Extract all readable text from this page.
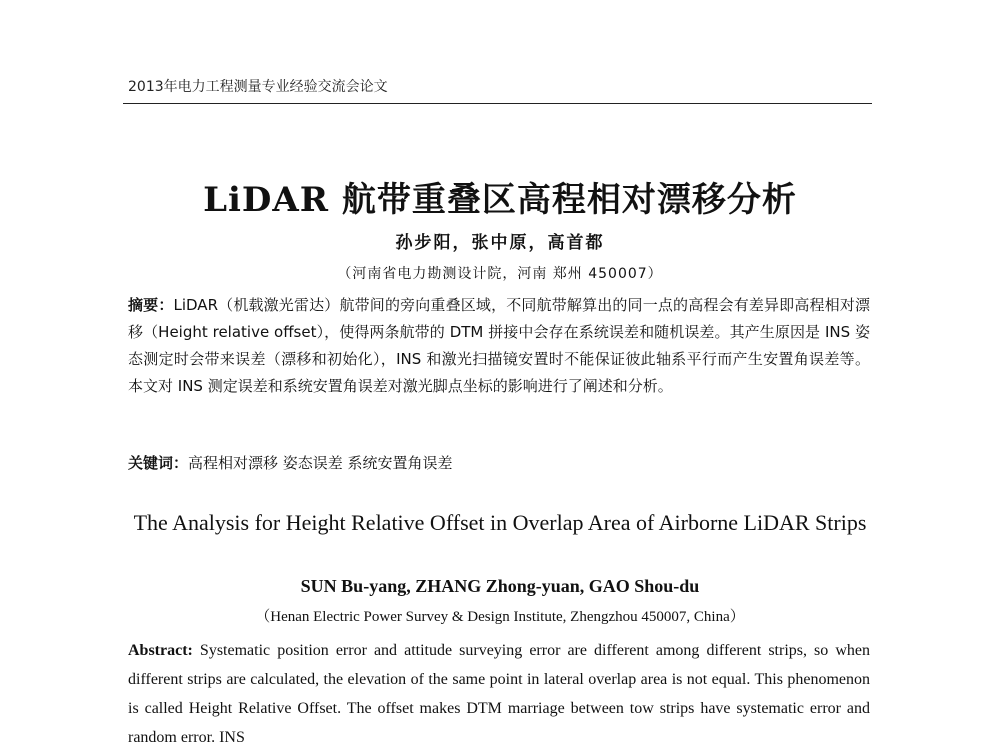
2013年电力工程测量专业经验交流会论文
LiDAR 航带重叠区高程相对漂移分析
孙步阳，张中原，高首都
（河南省电力勘测设计院，河南 郑州 450007）
摘要：LiDAR（机载激光雷达）航带间的旁向重叠区域，不同航带解算出的同一点的高程会有差异即高程相对漂移（Height relative offset），使得两条航带的 DTM 拼接中会存在系统误差和随机误差。其产生原因是 INS 姿态测定时会带来误差（漂移和初始化），INS 和激光扫描镜安置时不能保证彼此轴系平行而产生安置角误差等。本文对 INS 测定误差和系统安置角误差对激光脚点坐标的影响进行了阐述和分析。
关键词：高程相对漂移 姿态误差 系统安置角误差
The Analysis for Height Relative Offset in Overlap Area of Airborne LiDAR Strips
SUN Bu-yang, ZHANG Zhong-yuan, GAO Shou-du
（Henan Electric Power Survey & Design Institute, Zhengzhou 450007, China）
Abstract: Systematic position error and attitude surveying error are different among different strips, so when different strips are calculated, the elevation of the same point in lateral overlap area is not equal. This phenomenon is called Height Relative Offset. The offset makes DTM marriage between tow strips have systematic error and random error. INS
